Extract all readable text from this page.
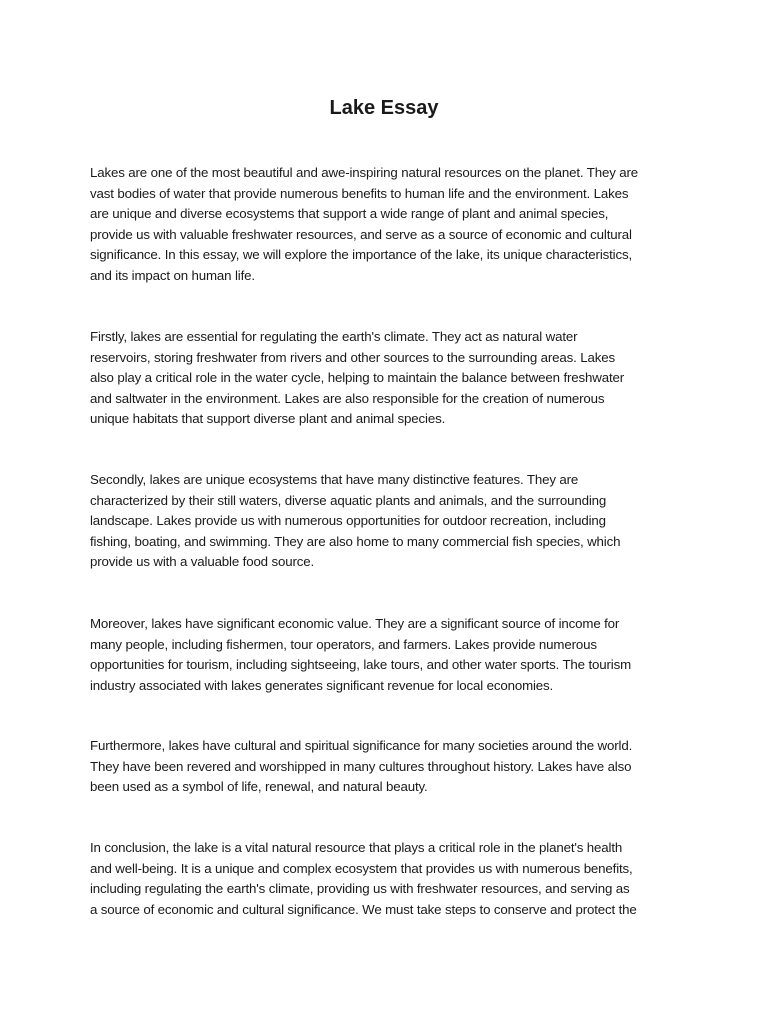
Lake Essay

Lakes are one of the most beautiful and awe-inspiring natural resources on the planet. They are
vast bodies of water that provide numerous benefits to human life and the environment. Lakes
are unique and diverse ecosystems that support a wide range of plant and animal species,
provide us with valuable freshwater resources, and serve as a source of economic and cultural
significance. In this essay, we will explore the importance of the lake, its unique characteristics,
and its impact on human life.

Firstly, lakes are essential for regulating the earth's climate. They act as natural water
reservoirs, storing freshwater from rivers and other sources to the surrounding areas. Lakes
also play a critical role in the water cycle, helping to maintain the balance between freshwater
and saltwater in the environment. Lakes are also responsible for the creation of numerous
unique habitats that support diverse plant and animal species.

Secondly, lakes are unique ecosystems that have many distinctive features. They are
characterized by their still waters, diverse aquatic plants and animals, and the surrounding
landscape. Lakes provide us with numerous opportunities for outdoor recreation, including
fishing, boating, and swimming. They are also home to many commercial fish species, which
provide us with a valuable food source.

Moreover, lakes have significant economic value. They are a significant source of income for
many people, including fishermen, tour operators, and farmers. Lakes provide numerous
opportunities for tourism, including sightseeing, lake tours, and other water sports. The tourism
industry associated with lakes generates significant revenue for local economies.

Furthermore, lakes have cultural and spiritual significance for many societies around the world.
They have been revered and worshipped in many cultures throughout history. Lakes have also
been used as a symbol of life, renewal, and natural beauty.

In conclusion, the lake is a vital natural resource that plays a critical role in the planet's health
and well-being. It is a unique and complex ecosystem that provides us with numerous benefits,
including regulating the earth's climate, providing us with freshwater resources, and serving as
a source of economic and cultural significance. We must take steps to conserve and protect the
